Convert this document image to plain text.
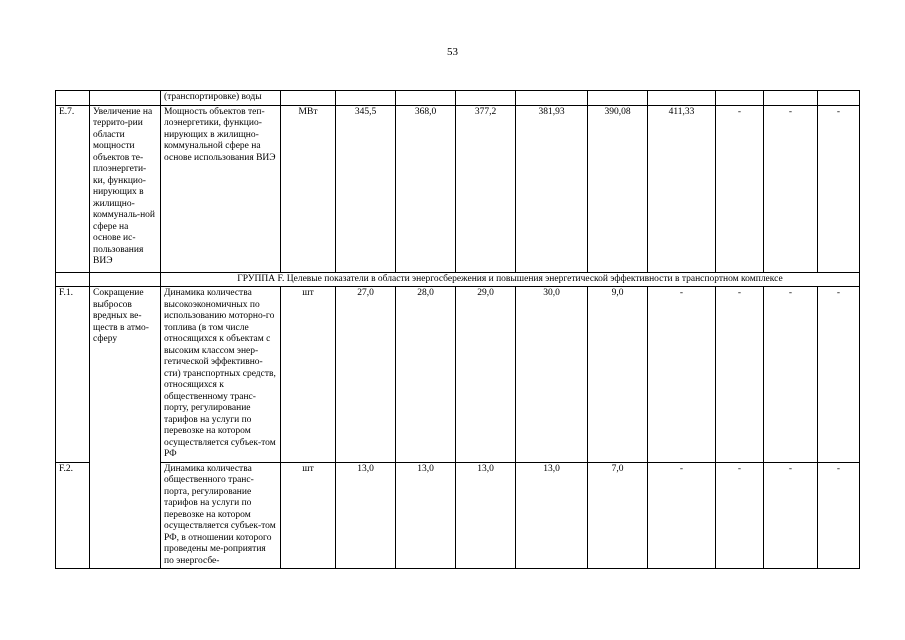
53
		(транспортировке) воды										
E.7.	Увеличение на террито-рии области мощности объектов те-плоэнергети-ки, функцио-нирующих в жилищно-коммуналь-ной сфере на основе ис-пользования ВИЭ	Мощность объектов теп-лоэнергетики, функцио-нирующих в жилищно-коммунальной сфере на основе использования ВИЭ	МВт	345,5	368,0	377,2	381,93	390,08	411,33	-	-	-
		ГРУППА F. Целевые показатели в области энергосбережения и повышения энергетической эффективности в транспортном комплексе										
F.1.	Сокращение выбросов вредных ве-ществ в атмо-сферу	Динамика количества высокоэкономичных по использованию моторно-го топлива (в том числе относящихся к объектам с высоким классом энер-гетической эффективно-сти) транспортных средств, относящихся к общественному транс-порту, регулирование тарифов на услуги по перевозке на котором осуществляется субъек-том РФ	шт	27,0	28,0	29,0	30,0	9,0	-	-	-	-
F.2.		Динамика количества общественного транс-порта, регулирование тарифов на услуги по перевозке на котором осуществляется субъек-том РФ, в отношении которого проведены ме-роприятия по энергосбе-	шт	13,0	13,0	13,0	13,0	7,0	-	-	-	-
